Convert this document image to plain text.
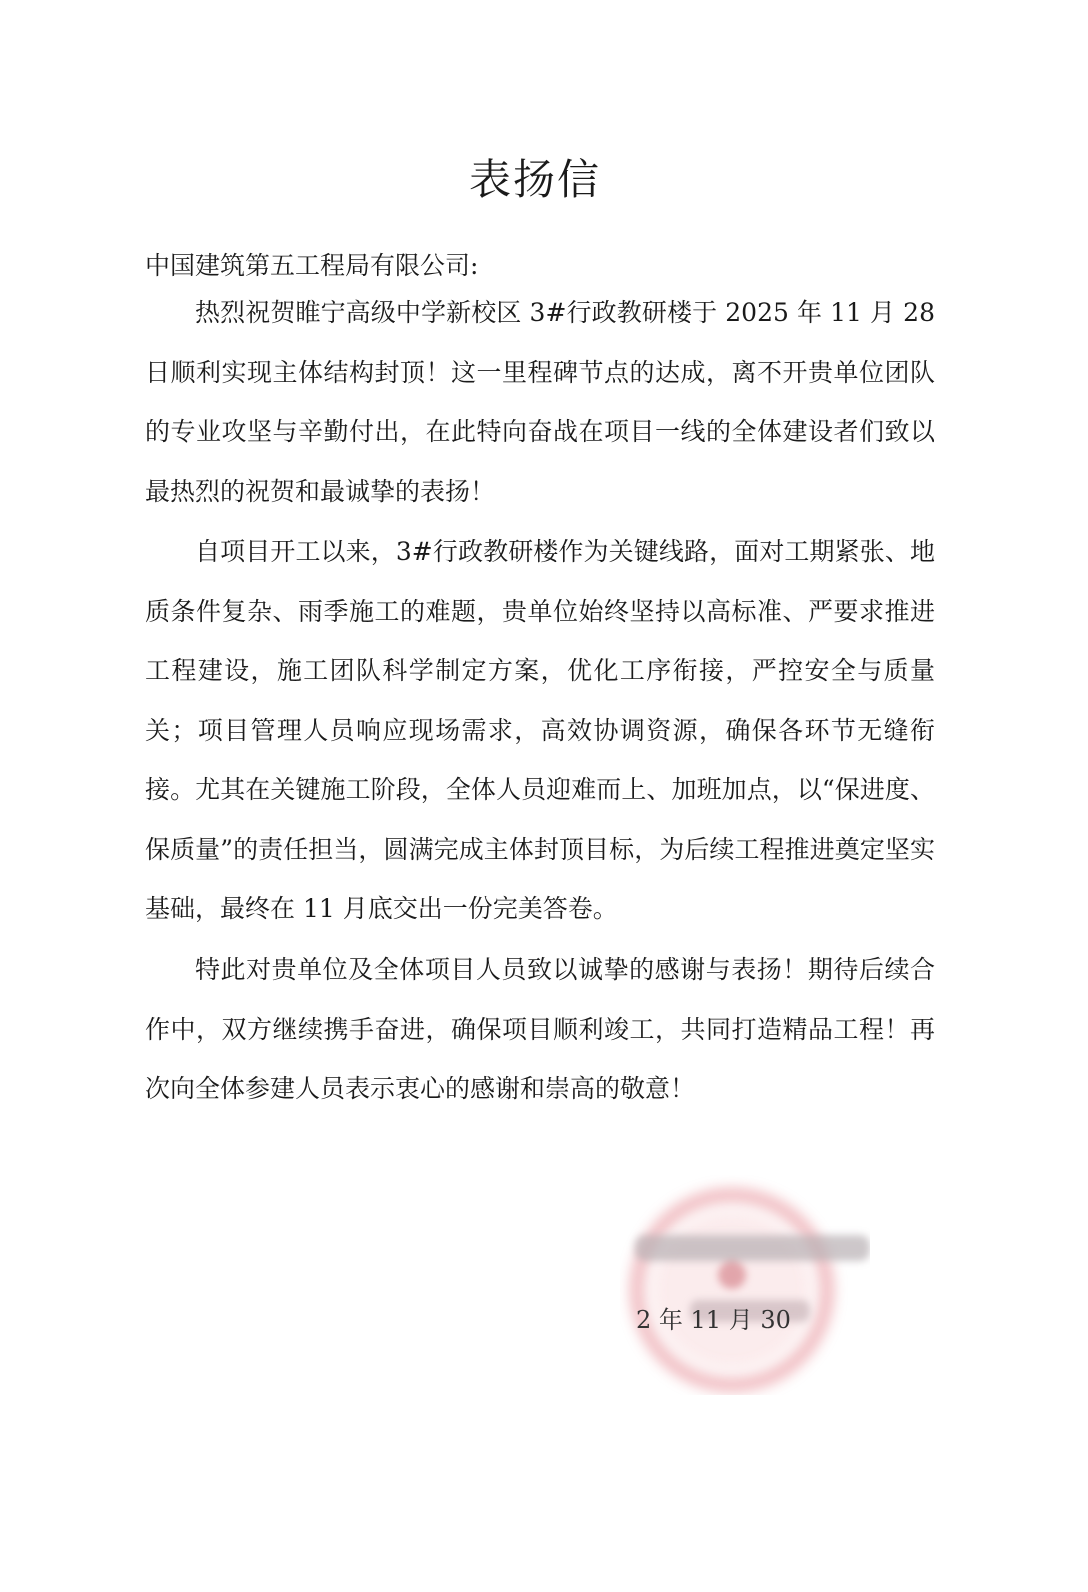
表扬信
中国建筑第五工程局有限公司:

热烈祝贺睢宁高级中学新校区 3#行政教研楼于 2025 年 11 月 28 日顺利实现主体结构封顶！这一里程碑节点的达成，离不开贵单位团队的专业攻坚与辛勤付出，在此特向奋战在项目一线的全体建设者们致以最热烈的祝贺和最诚挚的表扬！

自项目开工以来，3#行政教研楼作为关键线路，面对工期紧张、地质条件复杂、雨季施工的难题，贵单位始终坚持以高标准、严要求推进工程建设，施工团队科学制定方案，优化工序衔接，严控安全与质量关；项目管理人员响应现场需求，高效协调资源，确保各环节无缝衔接。尤其在关键施工阶段，全体人员迎难而上、加班加点，以“保进度、保质量”的责任担当，圆满完成主体封顶目标，为后续工程推进奠定坚实基础，最终在 11 月底交出一份完美答卷。

特此对贵单位及全体项目人员致以诚挚的感谢与表扬！期待后续合作中，双方继续携手奋进，确保项目顺利竣工，共同打造精品工程！再次向全体参建人员表示衷心的感谢和崇高的敬意！

2 年 11 月 30
